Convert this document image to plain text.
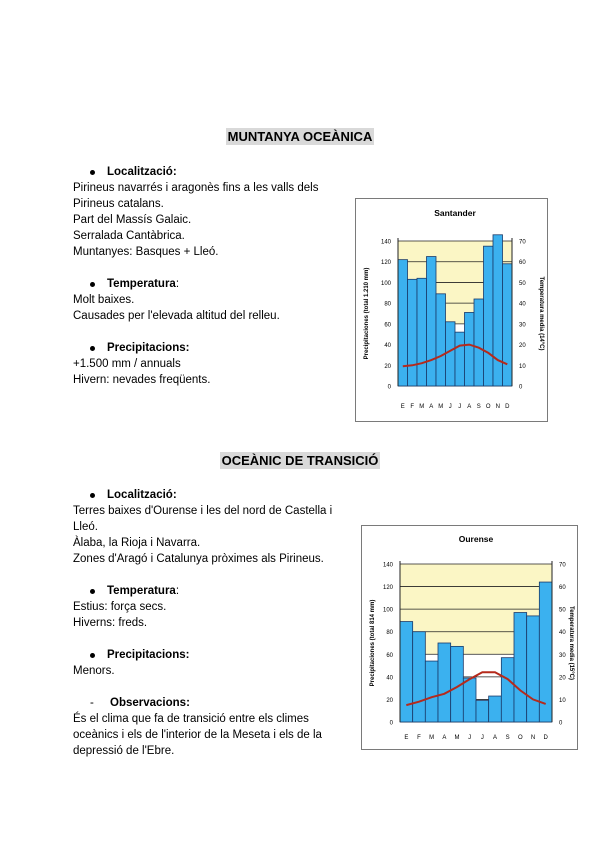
MUNTANYA OCEÀNICA
Localització:
Pirineus navarrés i aragonès fins a les valls dels Pirineus catalans.
Part del Massís Galaic.
Serralada Cantàbrica.
Muntanyes: Basques + Lleó.
Temperatura :
Molt baixes.
Causades per l'elevada altitud del relleu.
Precipitacions:
+1.500 mm / annuals
Hivern: nevades freqüents.
Santander
0
20
40
60
80
100
120
140
0
10
20
30
40
50
60
70
Precipitaciones (total 1.210 mm)	Temperatura media (14°C)
E F M A M J J A S O N D
OCEÀNIC DE TRANSICIÓ
Localització:
Terres baixes d'Ourense i les del nord de Castella i Lleó.
Àlaba, la Rioja i Navarra.
Zones d'Aragó i Catalunya pròximes als Pirineus.
Temperatura :
Estius: força secs.
Hiverns: freds.
Precipitacions:
Menors.
-	Observacions:
És el clima que fa de transició entre els climes oceànics i els de l'interior de la Meseta i els de la depressió de l'Ebre.
Ourense
0
20
40
60
80
100
120
140
0
10
20
30
40
50
60
70
Precipitaciones (total 814 mm)	Temperatura media (15°C)
E F M A M J J A S O N D
